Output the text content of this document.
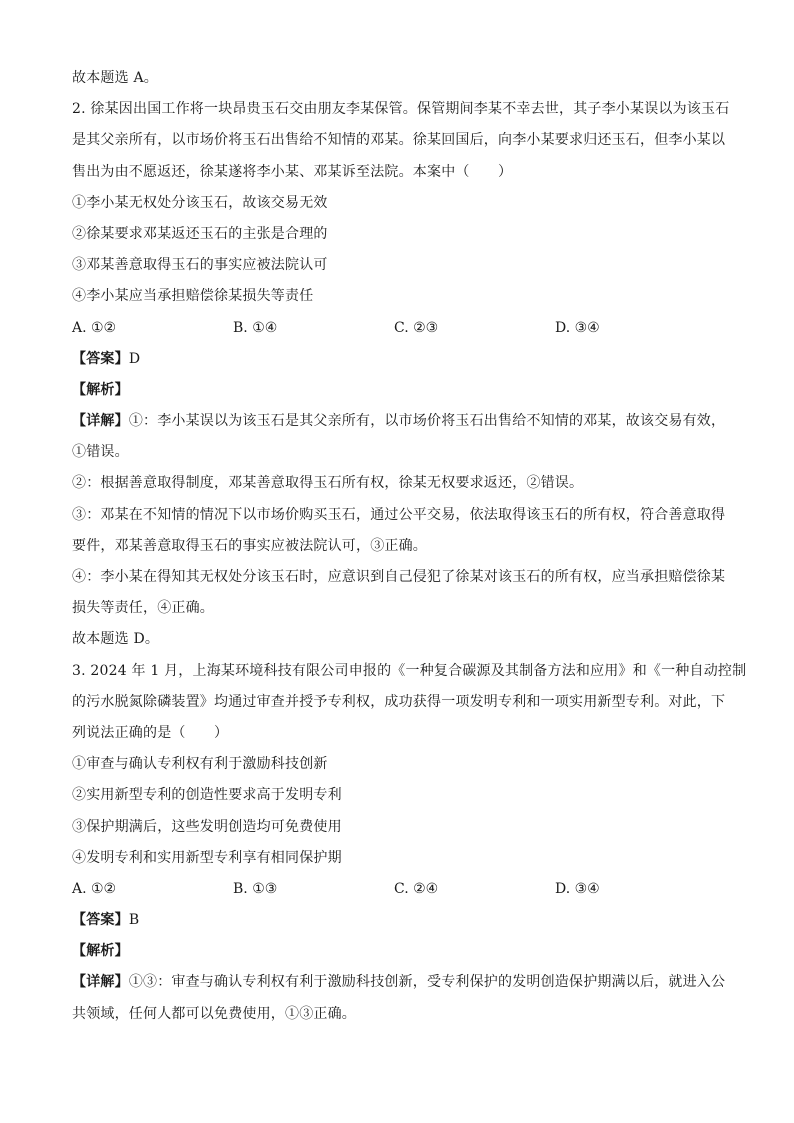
故本题选 A。
2. 徐某因出国工作将一块昂贵玉石交由朋友李某保管。保管期间李某不幸去世，其子李小某误以为该玉石
是其父亲所有，以市场价将玉石出售给不知情的邓某。徐某回国后，向李小某要求归还玉石，但李小某以
售出为由不愿返还，徐某遂将李小某、邓某诉至法院。本案中（　　）
①李小某无权处分该玉石，故该交易无效
②徐某要求邓某返还玉石的主张是合理的
③邓某善意取得玉石的事实应被法院认可
④李小某应当承担赔偿徐某损失等责任
A. ①②	B. ①④	C. ②③	D. ③④
【答案】D
【解析】
【详解】①：李小某误以为该玉石是其父亲所有，以市场价将玉石出售给不知情的邓某，故该交易有效，
①错误。
②：根据善意取得制度，邓某善意取得玉石所有权，徐某无权要求返还，②错误。
③：邓某在不知情的情况下以市场价购买玉石，通过公平交易，依法取得该玉石的所有权，符合善意取得
要件，邓某善意取得玉石的事实应被法院认可，③正确。
④：李小某在得知其无权处分该玉石时，应意识到自己侵犯了徐某对该玉石的所有权，应当承担赔偿徐某
损失等责任，④正确。
故本题选 D。
3. 2024 年 1 月，上海某环境科技有限公司申报的《一种复合碳源及其制备方法和应用》和《一种自动控制
的污水脱氮除磷装置》均通过审查并授予专利权，成功获得一项发明专利和一项实用新型专利。对此，下
列说法正确的是（　　）
①审查与确认专利权有利于激励科技创新
②实用新型专利的创造性要求高于发明专利
③保护期满后，这些发明创造均可免费使用
④发明专利和实用新型专利享有相同保护期
A. ①②	B. ①③	C. ②④	D. ③④
【答案】B
【解析】
【详解】①③：审查与确认专利权有利于激励科技创新，受专利保护的发明创造保护期满以后，就进入公
共领域，任何人都可以免费使用，①③正确。
